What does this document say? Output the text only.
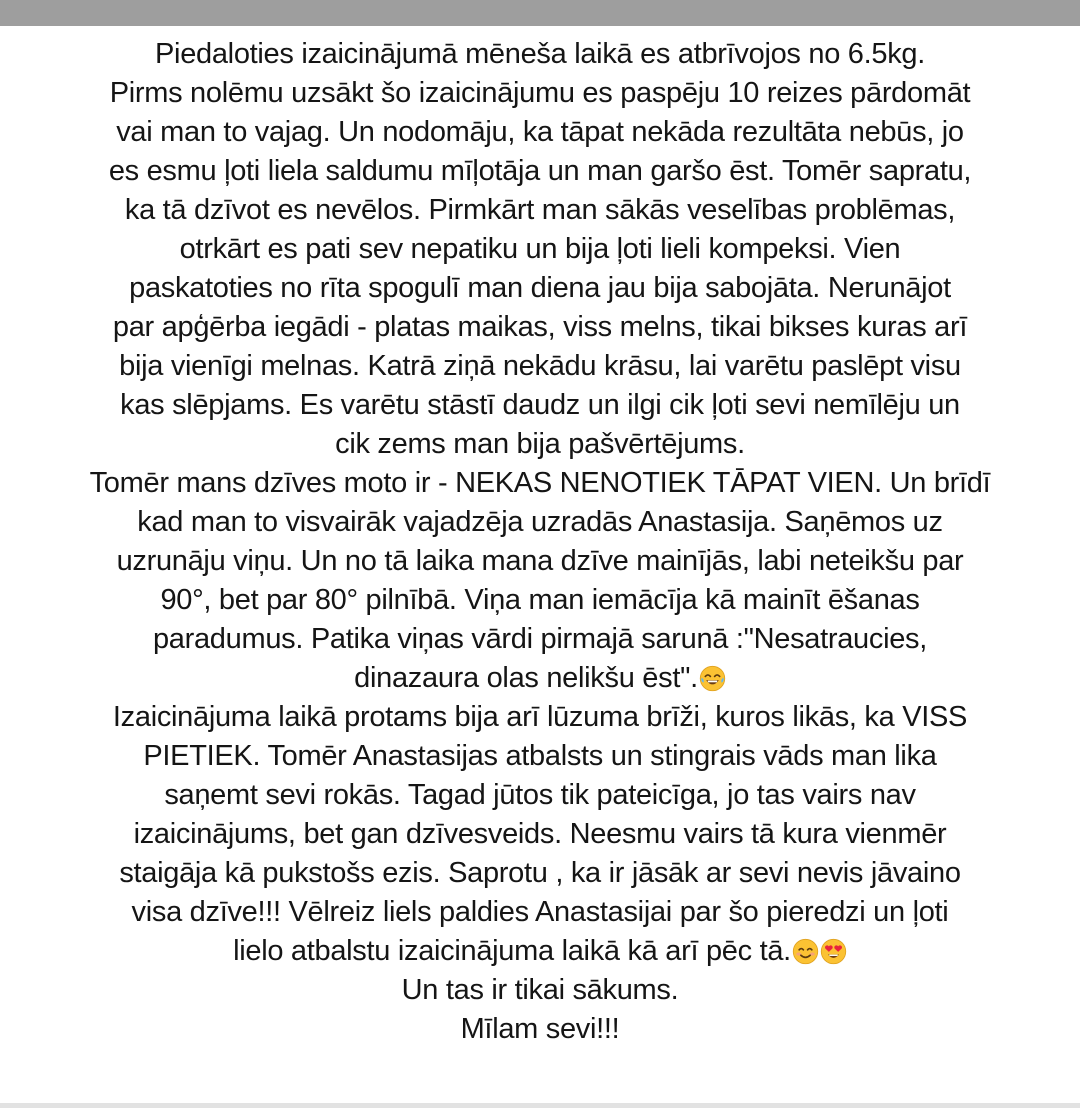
Piedaloties izaicinājumā mēneša laikā es atbrīvojos no 6.5kg.
Pirms nolēmu uzsākt šo izaicinājumu es paspēju 10 reizes pārdomāt
vai man to vajag. Un nodomāju, ka tāpat nekāda rezultāta nebūs, jo
es esmu ļoti liela saldumu mīļotāja un man garšo ēst. Tomēr sapratu,
ka tā dzīvot es nevēlos. Pirmkārt man sākās veselības problēmas,
otrkārt es pati sev nepatiku un bija ļoti lieli kompeksi. Vien
paskatoties no rīta spogulī man diena jau bija sabojāta. Nerunājot
par apģērba iegādi - platas maikas, viss melns, tikai bikses kuras arī
bija vienīgi melnas. Katrā ziņā nekādu krāsu, lai varētu paslēpt visu
kas slēpjams. Es varētu stāstī daudz un ilgi cik ļoti sevi nemīlēju un
cik zems man bija pašvērtējums.
Tomēr mans dzīves moto ir - NEKAS NENOTIEK TĀPAT VIEN. Un brīdī
kad man to visvairāk vajadzēja uzradās Anastasija. Saņēmos uz
uzrunāju viņu. Un no tā laika mana dzīve mainījās, labi neteikšu par
90°, bet par 80° pilnībā. Viņa man iemācīja kā mainīt ēšanas
paradumus. Patika viņas vārdi pirmajā sarunā :"Nesatraucies,
dinazaura olas nelikšu ēst".
Izaicinājuma laikā protams bija arī lūzuma brīži, kuros likās, ka VISS
PIETIEK. Tomēr Anastasijas atbalsts un stingrais vāds man lika
saņemt sevi rokās. Tagad jūtos tik pateicīga, jo tas vairs nav
izaicinājums, bet gan dzīvesveids. Neesmu vairs tā kura vienmēr
staigāja kā pukstošs ezis. Saprotu , ka ir jāsāk ar sevi nevis jāvaino
visa dzīve!!! Vēlreiz liels paldies Anastasijai par šo pieredzi un ļoti
lielo atbalstu izaicinājuma laikā kā arī pēc tā.
Un tas ir tikai sākums.
Mīlam sevi!!!
